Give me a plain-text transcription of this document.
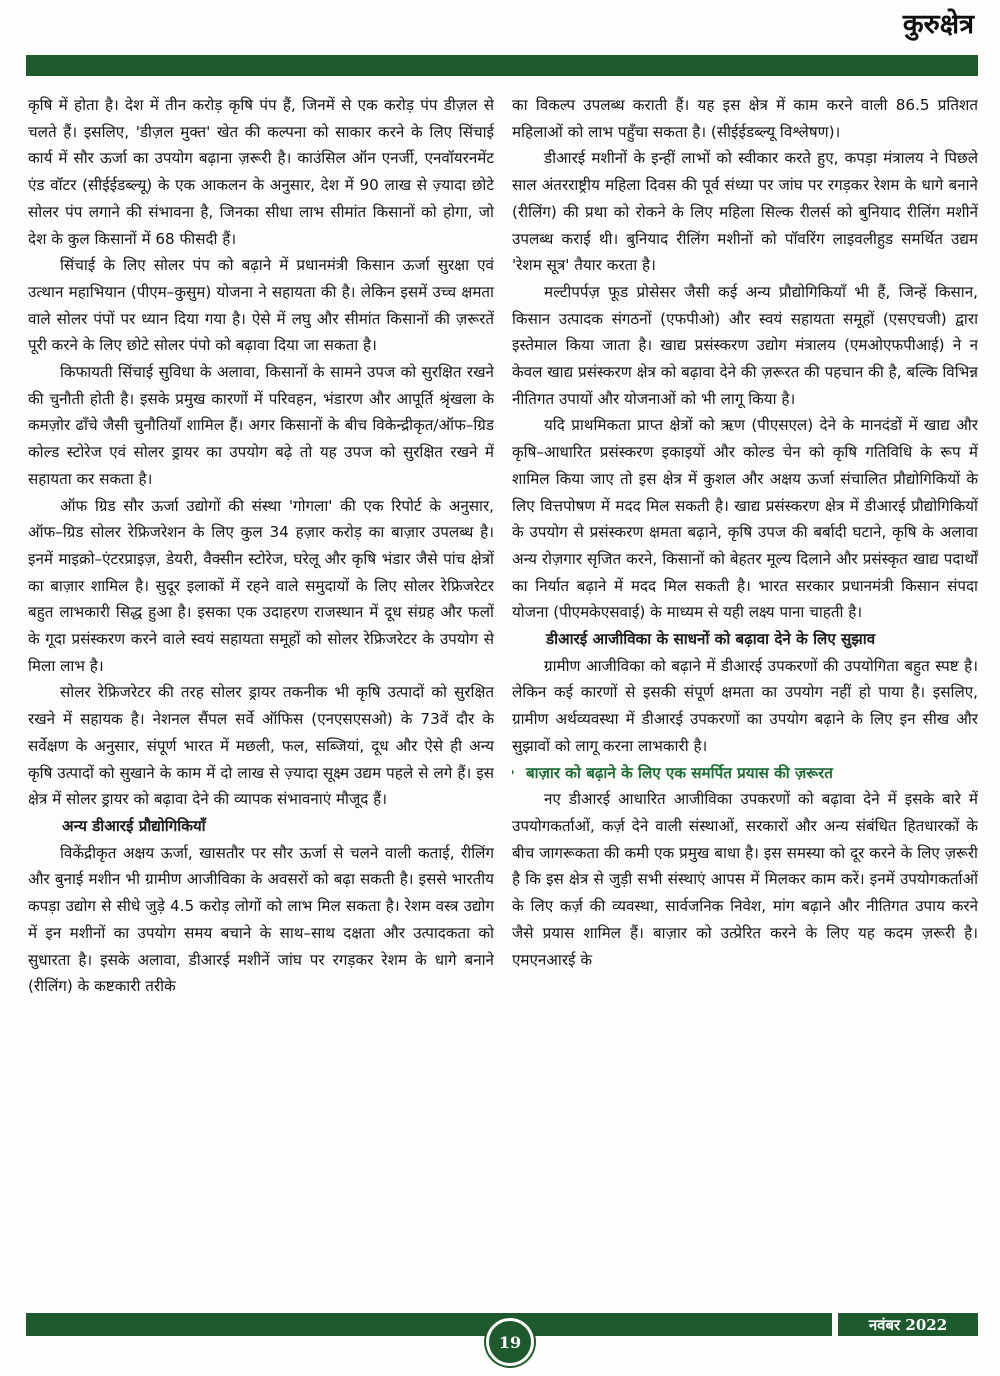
कुरुक्षेत्र

कृषि में होता है। देश में तीन करोड़ कृषि पंप हैं, जिनमें से एक करोड़ पंप डीज़ल से चलते हैं। इसलिए, 'डीज़ल मुक्त' खेत की कल्पना को साकार करने के लिए सिंचाई कार्य में सौर ऊर्जा का उपयोग बढ़ाना ज़रूरी है। काउंसिल ऑन एनर्जी, एनवॉयरनमेंट एंड वॉटर (सीईईडब्ल्यू) के एक आकलन के अनुसार, देश में 90 लाख से ज़्यादा छोटे सोलर पंप लगाने की संभावना है, जिनका सीधा लाभ सीमांत किसानों को होगा, जो देश के कुल किसानों में 68 फीसदी हैं।

सिंचाई के लिए सोलर पंप को बढ़ाने में प्रधानमंत्री किसान ऊर्जा सुरक्षा एवं उत्थान महाभियान (पीएम–कुसुम) योजना ने सहायता की है। लेकिन इसमें उच्च क्षमता वाले सोलर पंपों पर ध्यान दिया गया है। ऐसे में लघु और सीमांत किसानों की ज़रूरतें पूरी करने के लिए छोटे सोलर पंपो को बढ़ावा दिया जा सकता है।

किफायती सिंचाई सुविधा के अलावा, किसानों के सामने उपज को सुरक्षित रखने की चुनौती होती है। इसके प्रमुख कारणों में परिवहन, भंडारण और आपूर्ति श्रृंखला के कमज़ोर ढाँचे जैसी चुनौतियाँ शामिल हैं। अगर किसानों के बीच विकेन्द्रीकृत/ऑफ–ग्रिड कोल्ड स्टोरेज एवं सोलर ड्रायर का उपयोग बढ़े तो यह उपज को सुरक्षित रखने में सहायता कर सकता है।

ऑफ ग्रिड सौर ऊर्जा उद्योगों की संस्था 'गोगला' की एक रिपोर्ट के अनुसार, ऑफ–ग्रिड सोलर रेफ्रिजरेशन के लिए कुल 34 हज़ार करोड़ का बाज़ार उपलब्ध है। इनमें माइक्रो–एंटरप्राइज़, डेयरी, वैक्सीन स्टोरेज, घरेलू और कृषि भंडार जैसे पांच क्षेत्रों का बाज़ार शामिल है। सुदूर इलाकों में रहने वाले समुदायों के लिए सोलर रेफ्रिजरेटर बहुत लाभकारी सिद्ध हुआ है। इसका एक उदाहरण राजस्थान में दूध संग्रह और फलों के गूदा प्रसंस्करण करने वाले स्वयं सहायता समूहों को सोलर रेफ्रिजरेटर के उपयोग से मिला लाभ है।

सोलर रेफ्रिजरेटर की तरह सोलर ड्रायर तकनीक भी कृषि उत्पादों को सुरक्षित रखने में सहायक है। नेशनल सैंपल सर्वे ऑफिस (एनएसएसओ) के 73वें दौर के सर्वेक्षण के अनुसार, संपूर्ण भारत में मछली, फल, सब्जियां, दूध और ऐसे ही अन्य कृषि उत्पादों को सुखाने के काम में दो लाख से ज़्यादा सूक्ष्म उद्यम पहले से लगे हैं। इस क्षेत्र में सोलर ड्रायर को बढ़ावा देने की व्यापक संभावनाएं मौजूद हैं।

अन्य डीआरई प्रौद्योगिकियाँ

विकेंद्रीकृत अक्षय ऊर्जा, खासतौर पर सौर ऊर्जा से चलने वाली कताई, रीलिंग और बुनाई मशीन भी ग्रामीण आजीविका के अवसरों को बढ़ा सकती है। इससे भारतीय कपड़ा उद्योग से सीधे जुड़े 4.5 करोड़ लोगों को लाभ मिल सकता है। रेशम वस्त्र उद्योग में इन मशीनों का उपयोग समय बचाने के साथ–साथ दक्षता और उत्पादकता को सुधारता है। इसके अलावा, डीआरई मशीनें जांघ पर रगड़कर रेशम के धागे बनाने (रीलिंग) के कष्टकारी तरीके

का विकल्प उपलब्ध कराती हैं। यह इस क्षेत्र में काम करने वाली 86.5 प्रतिशत महिलाओं को लाभ पहुँचा सकता है। (सीईईडब्ल्यू विश्लेषण)।

डीआरई मशीनों के इन्हीं लाभों को स्वीकार करते हुए, कपड़ा मंत्रालय ने पिछले साल अंतरराष्ट्रीय महिला दिवस की पूर्व संध्या पर जांघ पर रगड़कर रेशम के धागे बनाने (रीलिंग) की प्रथा को रोकने के लिए महिला सिल्क रीलर्स को बुनियाद रीलिंग मशीनें उपलब्ध कराई थी। बुनियाद रीलिंग मशीनों को पॉवरिंग लाइवलीहुड समर्थित उद्यम 'रेशम सूत्र' तैयार करता है।

मल्टीपर्पज़ फूड प्रोसेसर जैसी कई अन्य प्रौद्योगिकियाँ भी हैं, जिन्हें किसान, किसान उत्पादक संगठनों (एफपीओ) और स्वयं सहायता समूहों (एसएचजी) द्वारा इस्तेमाल किया जाता है। खाद्य प्रसंस्करण उद्योग मंत्रालय (एमओएफपीआई) ने न केवल खाद्य प्रसंस्करण क्षेत्र को बढ़ावा देने की ज़रूरत की पहचान की है, बल्कि विभिन्न नीतिगत उपायों और योजनाओं को भी लागू किया है।

यदि प्राथमिकता प्राप्त क्षेत्रों को ऋण (पीएसएल) देने के मानदंडों में खाद्य और कृषि–आधारित प्रसंस्करण इकाइयों और कोल्ड चेन को कृषि गतिविधि के रूप में शामिल किया जाए तो इस क्षेत्र में कुशल और अक्षय ऊर्जा संचालित प्रौद्योगिकियों के लिए वित्तपोषण में मदद मिल सकती है। खाद्य प्रसंस्करण क्षेत्र में डीआरई प्रौद्योगिकियों के उपयोग से प्रसंस्करण क्षमता बढ़ाने, कृषि उपज की बर्बादी घटाने, कृषि के अलावा अन्य रोज़गार सृजित करने, किसानों को बेहतर मूल्य दिलाने और प्रसंस्कृत खाद्य पदार्थों का निर्यात बढ़ाने में मदद मिल सकती है। भारत सरकार प्रधानमंत्री किसान संपदा योजना (पीएमकेएसवाई) के माध्यम से यही लक्ष्य पाना चाहती है।

डीआरई आजीविका के साधनों को बढ़ावा देने के लिए सुझाव

ग्रामीण आजीविका को बढ़ाने में डीआरई उपकरणों की उपयोगिता बहुत स्पष्ट है। लेकिन कई कारणों से इसकी संपूर्ण क्षमता का उपयोग नहीं हो पाया है। इसलिए, ग्रामीण अर्थव्यवस्था में डीआरई उपकरणों का उपयोग बढ़ाने के लिए इन सीख और सुझावों को लागू करना लाभकारी है।

• बाज़ार को बढ़ाने के लिए एक समर्पित प्रयास की ज़रूरत

नए डीआरई आधारित आजीविका उपकरणों को बढ़ावा देने में इसके बारे में उपयोगकर्ताओं, कर्ज़ देने वाली संस्थाओं, सरकारों और अन्य संबंधित हितधारकों के बीच जागरूकता की कमी एक प्रमुख बाधा है। इस समस्या को दूर करने के लिए ज़रूरी है कि इस क्षेत्र से जुड़ी सभी संस्थाएं आपस में मिलकर काम करें। इनमें उपयोगकर्ताओं के लिए कर्ज़ की व्यवस्था, सार्वजनिक निवेश, मांग बढ़ाने और नीतिगत उपाय करने जैसे प्रयास शामिल हैं। बाज़ार को उत्प्रेरित करने के लिए यह कदम ज़रूरी है। एमएनआरई के

नवंबर 2022
19
